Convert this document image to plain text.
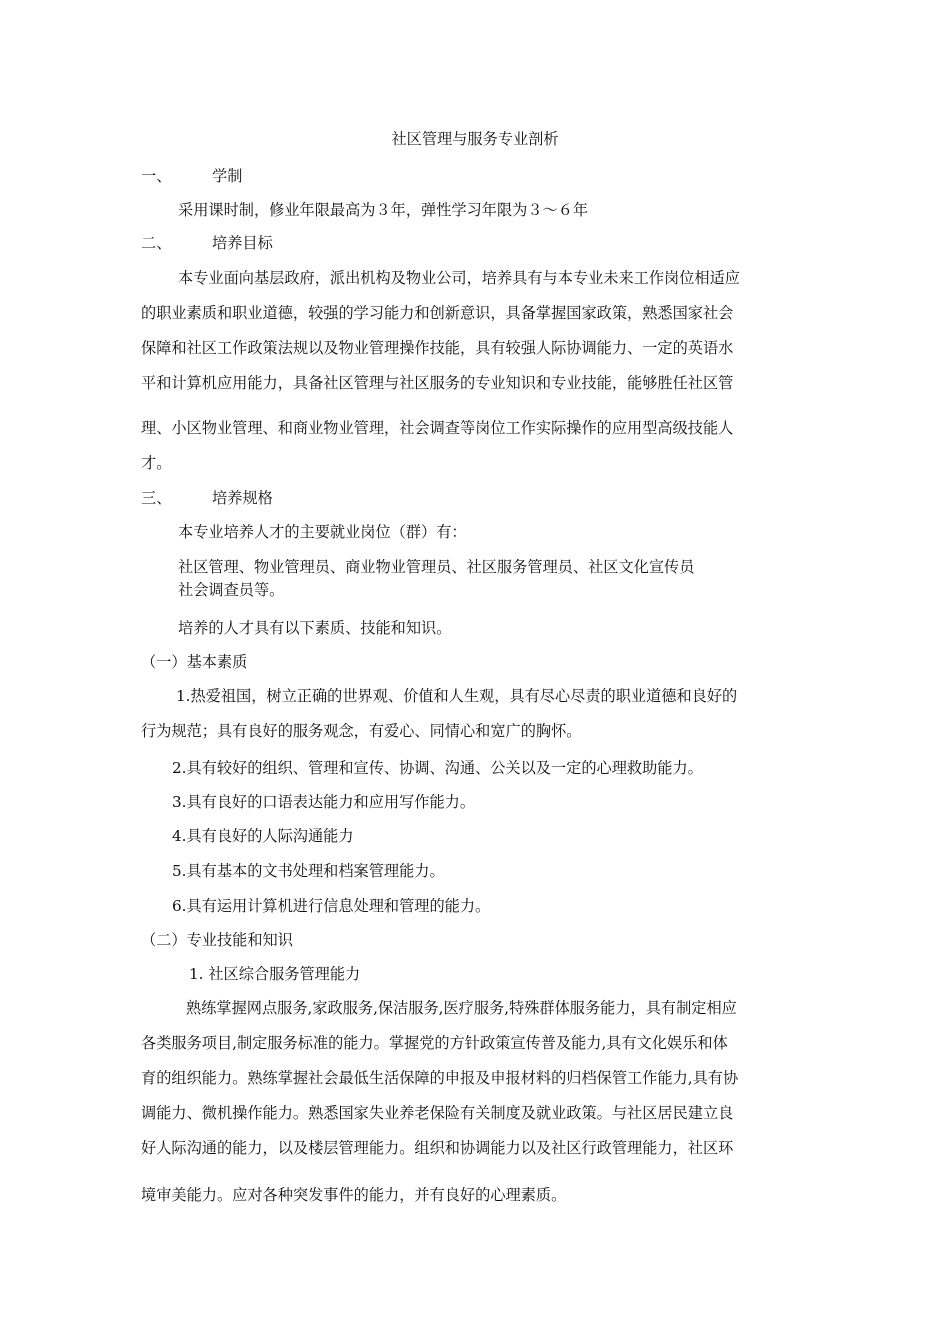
社区管理与服务专业剖析
一、	学制
采用课时制，修业年限最高为３年，弹性学习年限为３～６年
二、	培养目标
本专业面向基层政府，派出机构及物业公司，培养具有与本专业未来工作岗位相适应
的职业素质和职业道德，较强的学习能力和创新意识，具备掌握国家政策，熟悉国家社会
保障和社区工作政策法规以及物业管理操作技能，具有较强人际协调能力、一定的英语水
平和计算机应用能力，具备社区管理与社区服务的专业知识和专业技能，能够胜任社区管
理、小区物业管理、和商业物业管理，社会调查等岗位工作实际操作的应用型高级技能人
才。
三、	培养规格
本专业培养人才的主要就业岗位（群）有：
社区管理、物业管理员、商业物业管理员、社区服务管理员、社区文化宣传员
社会调查员等。
培养的人才具有以下素质、技能和知识。
（一）基本素质
1.热爱祖国，树立正确的世界观、价值和人生观，具有尽心尽责的职业道德和良好的
行为规范；具有良好的服务观念，有爱心、同情心和宽广的胸怀。
2.具有较好的组织、管理和宣传、协调、沟通、公关以及一定的心理救助能力。
3.具有良好的口语表达能力和应用写作能力。
4.具有良好的人际沟通能力
5.具有基本的文书处理和档案管理能力。
6.具有运用计算机进行信息处理和管理的能力。
（二）专业技能和知识
1. 社区综合服务管理能力
熟练掌握网点服务,家政服务,保洁服务,医疗服务,特殊群体服务能力，具有制定相应
各类服务项目,制定服务标准的能力。掌握党的方针政策宣传普及能力,具有文化娱乐和体
育的组织能力。熟练掌握社会最低生活保障的申报及申报材料的归档保管工作能力,具有协
调能力、微机操作能力。熟悉国家失业养老保险有关制度及就业政策。与社区居民建立良
好人际沟通的能力，以及楼层管理能力。组织和协调能力以及社区行政管理能力，社区环
境审美能力。应对各种突发事件的能力，并有良好的心理素质。
